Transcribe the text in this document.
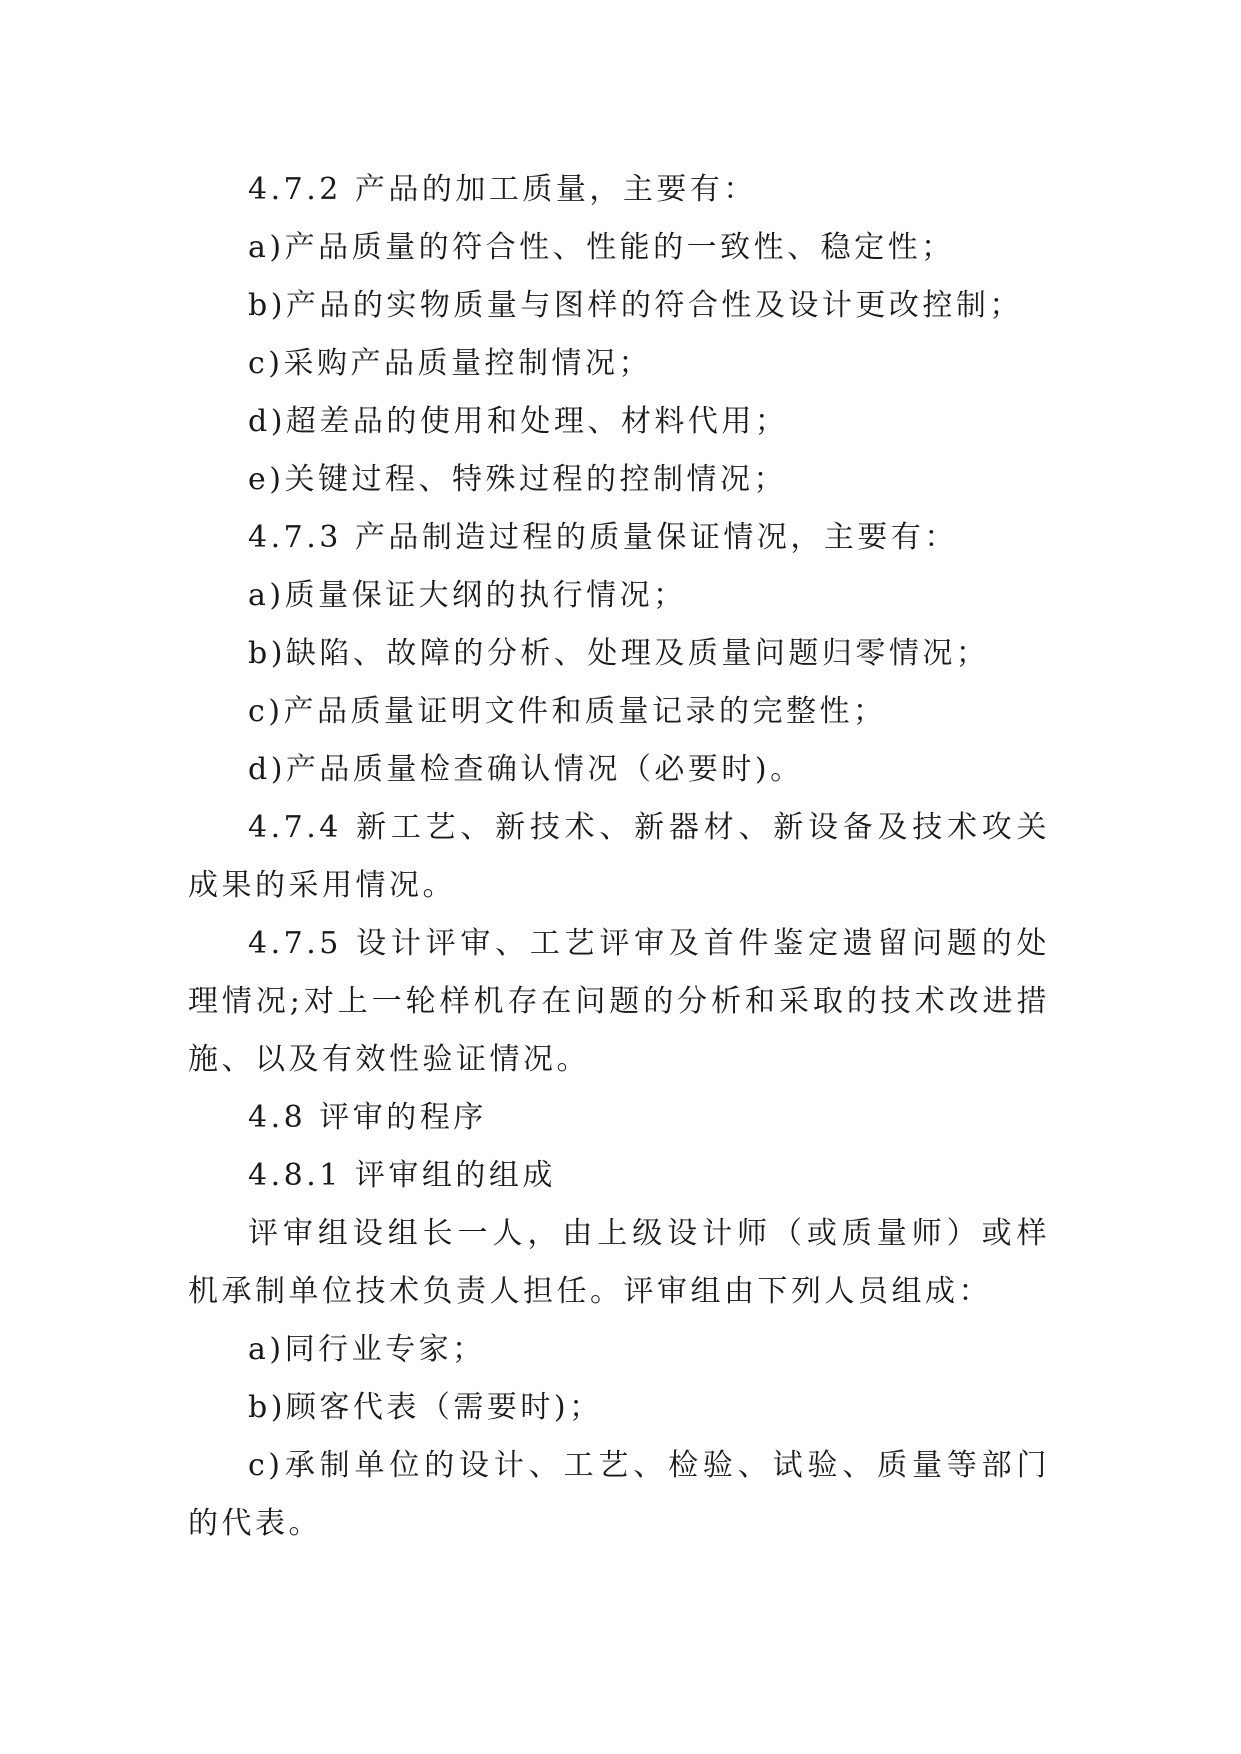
4.7.2 产品的加工质量，主要有：

a)产品质量的符合性、性能的一致性、稳定性；

b)产品的实物质量与图样的符合性及设计更改控制；

c)采购产品质量控制情况；

d)超差品的使用和处理、材料代用；

e)关键过程、特殊过程的控制情况；

4.7.3 产品制造过程的质量保证情况，主要有：

a)质量保证大纲的执行情况；

b)缺陷、故障的分析、处理及质量问题归零情况；

c)产品质量证明文件和质量记录的完整性；

d)产品质量检查确认情况（必要时)。

4.7.4 新工艺、新技术、新器材、新设备及技术攻关成果的采用情况。

4.7.5 设计评审、工艺评审及首件鉴定遗留问题的处理情况;对上一轮样机存在问题的分析和采取的技术改进措施、以及有效性验证情况。

4.8 评审的程序

4.8.1 评审组的组成

评审组设组长一人，由上级设计师（或质量师）或样机承制单位技术负责人担任。评审组由下列人员组成：

a)同行业专家；

b)顾客代表（需要时)；

c)承制单位的设计、工艺、检验、试验、质量等部门的代表。
